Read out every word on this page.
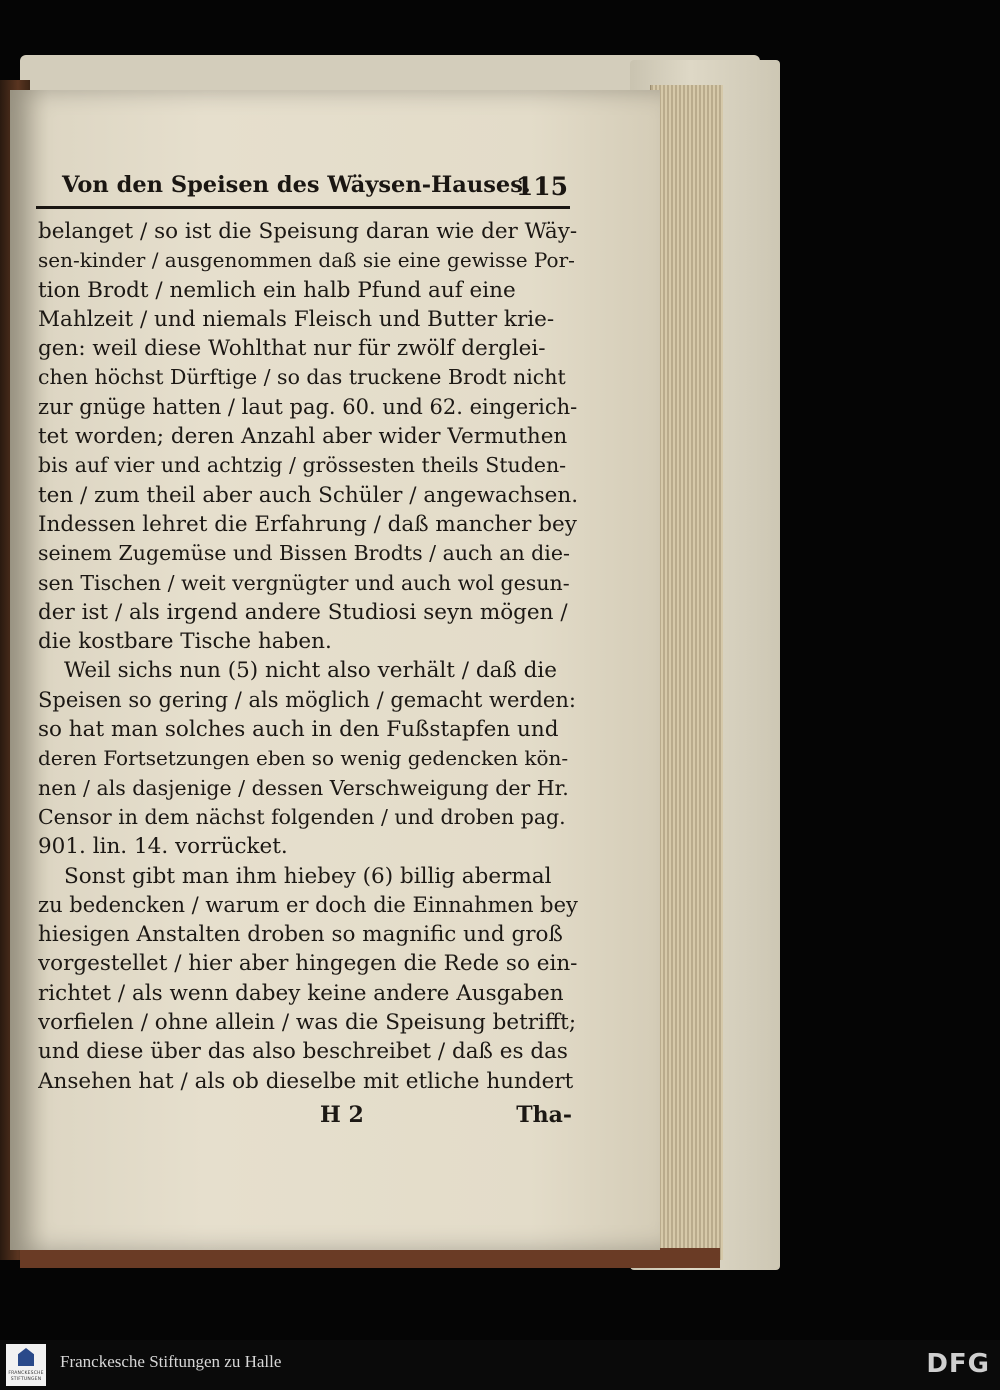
Von den Speisen des Wäysen-Hauses.
115
belanget / so ist die Speisung daran wie der Wäy-
sen-kinder / ausgenommen daß sie eine gewisse Por-
tion Brodt / nemlich ein halb Pfund auf eine
Mahlzeit / und niemals Fleisch und Butter krie-
gen: weil diese Wohlthat nur für zwölf derglei-
chen höchst Dürftige / so das truckene Brodt nicht
zur gnüge hatten / laut pag. 60. und 62. eingerich-
tet worden; deren Anzahl aber wider Vermuthen
bis auf vier und achtzig / grössesten theils Studen-
ten / zum theil aber auch Schüler / angewachsen.
Indessen lehret die Erfahrung / daß mancher bey
seinem Zugemüse und Bissen Brodts / auch an die-
sen Tischen / weit vergnügter und auch wol gesun-
der ist / als irgend andere Studiosi seyn mögen /
die kostbare Tische haben.
Weil sichs nun (5) nicht also verhält / daß die
Speisen so gering / als möglich / gemacht werden:
so hat man solches auch in den Fußstapfen und
deren Fortsetzungen eben so wenig gedencken kön-
nen / als dasjenige / dessen Verschweigung der Hr.
Censor in dem nächst folgenden / und droben pag.
901. lin. 14. vorrücket.
Sonst gibt man ihm hiebey (6) billig abermal
zu bedencken / warum er doch die Einnahmen bey
hiesigen Anstalten droben so magnific und groß
vorgestellet / hier aber hingegen die Rede so ein-
richtet / als wenn dabey keine andere Ausgaben
vorfielen / ohne allein / was die Speisung betrifft;
und diese über das also beschreibet / daß es das
Ansehen hat / als ob dieselbe mit etliche hundert
H 2	Tha-
FRANCKESCHE STIFTUNGEN
Franckesche Stiftungen zu Halle	DFG
